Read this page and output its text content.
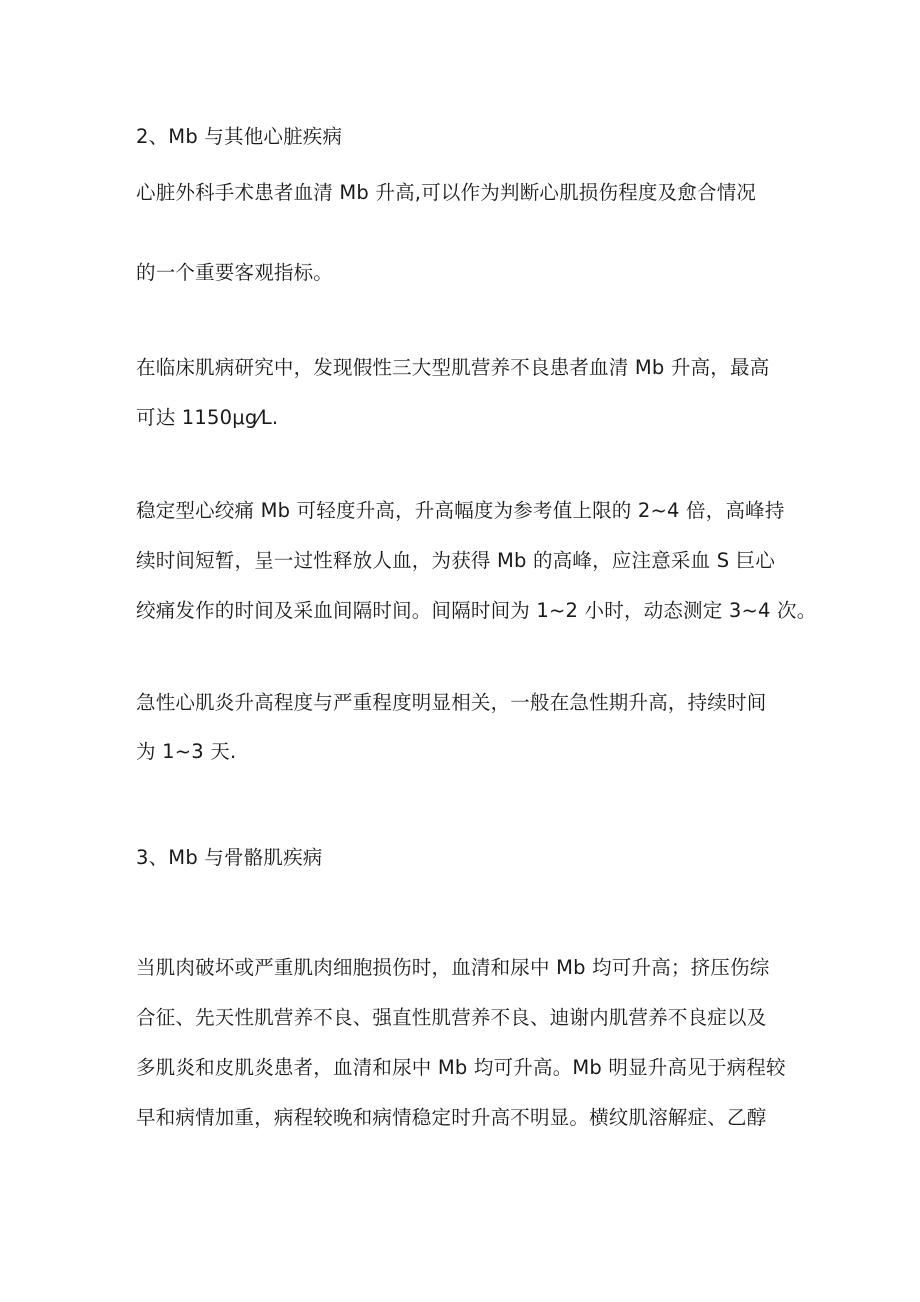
2、Mb 与其他心脏疾病

心脏外科手术患者血清 Mb 升高,可以作为判断心肌损伤程度及愈合情况

的一个重要客观指标。

在临床肌病研究中，发现假性三大型肌营养不良患者血清 Mb 升高，最高

可达 1150μg⁄L.

稳定型心绞痛 Mb 可轻度升高，升高幅度为参考值上限的 2~4 倍，高峰持

续时间短暂，呈一过性释放人血，为获得 Mb 的高峰，应注意采血 S 巨心

绞痛发作的时间及采血间隔时间。间隔时间为 1~2 小时，动态测定 3~4 次。

急性心肌炎升高程度与严重程度明显相关，一般在急性期升高，持续时间

为 1~3 天.

3、Mb 与骨骼肌疾病

当肌肉破坏或严重肌肉细胞损伤时，血清和尿中 Mb 均可升高；挤压伤综

合征、先天性肌营养不良、强直性肌营养不良、迪谢内肌营养不良症以及

多肌炎和皮肌炎患者，血清和尿中 Mb 均可升高。Mb 明显升高见于病程较

早和病情加重，病程较晚和病情稳定时升高不明显。横纹肌溶解症、乙醇
